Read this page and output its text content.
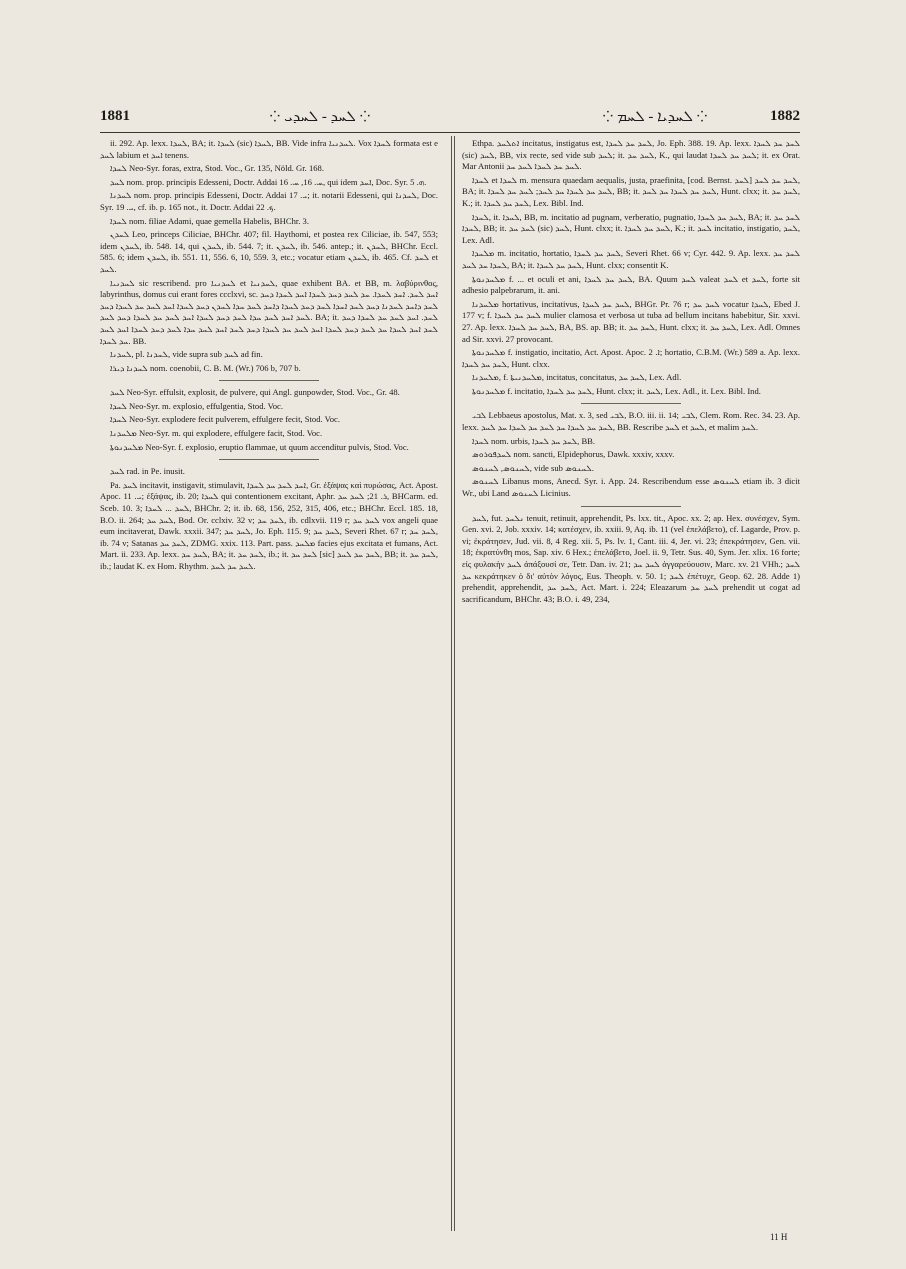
1881	⁘ ܠܚܕ - ܠܚܕܝ ⁘	⁘ ܠܚܕܝܐ - ܠܚܡ ⁘	1882

ii. 292. Ap. lexx. ܠܚܕܐ, BA; it. ܠܚܕܐ (sic) ܠܚܕܐ, BB. Vide infra ܠܚܕܢܝܐ. Vox ܠܚܕܐ formata est e ܠܚܕ labium et ܐܚܕ tenens.

ܠܚܕܐ Neo-Syr. foras, extra, Stod. Voc., Gr. 135, Nöld. Gr. 168.

ܠܚܕ nom. prop. principis Edesseni, Doctr. Addai ܚ. 16, ܚ. 16, qui idem ܐܚܕ, Doc. Syr. ܗ. 5.

ܠܚܕܢܐ nom. prop. principis Edesseni, Doctr. Addai ܝ. 17; it. notarii Edesseni, qui ܠܚܕܢܐ, Doc. Syr. ܝ. 19, cf. ib. p. 165 not., it. Doctr. Addai ܟ. 22.

ܠܚܕܐ nom. filiae Adami, quae gemella Habelis, BHChr. 3.

ܠܚܕܢ Leo, princeps Ciliciae, BHChr. 407; fil. Haythomi, et postea rex Ciliciae, ib. 547, 553; idem ܠܚܕܢ, ib. 548. 14, qui ܠܚܕܢ, ib. 544. 7; it. ܠܚܕܢ, ib. 546. antep.; it. ܠܚܕܢ, BHChr. Eccl. 585. 6; idem ܠܚܕܢ, ib. 551. 11, 556. 6, 10, 559. 3, etc.; vocatur etiam ܠܚܕܢ, ib. 465. Cf. ܠܚܕ et ܠܚܕ.

ܠܚܕܢܝܐ sic rescribend. pro ܠܚܕܢܝܐ et ܠܚܕܢܝܐ, quae exhibent BA. et BB, m. λαβύρινθος, labyrinthus, domus cui erant fores ccclxvi, sc. ܐܚܕ ܠܚܕ. ܐܚܕ ܠܚܕܐ. ܚܕ ܠܚܕ ܕܚܕ ܠܚܕܐ ܐܚܕ ܠܚܕܐ ܕܚܕ ܠܚܕ ܕܐܚܕ ܠܚܕܢܐ ܕܚܕ ܠܚܕ ܐܚܕܐ ܠܚܕ ܕܚܕ ܠܚܕܐ ܕܐܚܕ ܠܚܕ ܚܕܐ ܠܚܕܢ ܕܚܕ ܠܚܕܐ ܐܚܕ ܠܚܕ ܚܕ ܠܚܕܐ ܕܚܕ ܠܚܕ ܐܚܕ ܠܚܕ ܚܕܐ ܠܚܕ ܕܚܕ ܠܚܕܐ ܐܚܕ ܠܚܕ ܚܕ ܠܚܕܐ ܕܚܕ ܠܚܕ. BA; it. ܠܚܕ. ܐܚܕ ܠܚܕ ܚܕ ܠܚܕܐ ܕܚܕ ܠܚܕ ܐܚܕ ܠܚܕܐ ܚܕ ܠܚܕ ܕܚܕ ܠܚܕܐ ܐܚܕ ܠܚܕ ܚܕ ܠܚܕܐ ܕܚܕ ܠܚܕ ܐܚܕ ܠܚܕ ܚܕܐ ܠܚܕ ܕܚܕ ܠܚܕܐ ܐܚܕ ܠܚܕ ܚܕ ܠܚܕܐ. BB.

ܠܚܕܢܐ, pl. ܠܚܕܢܐ, vide supra sub ܠܚܕ ad fin.

ܠܚܕܢܐ ܕܝܪܐ nom. coenobii, C. B. M. (Wr.) 706 b, 707 b.

ܠܚܕ Neo-Syr. effulsit, explosit, de pulvere, qui Angl. gunpowder, Stod. Voc., Gr. 48.

ܠܚܕܐ Neo-Syr. m. explosio, effulgentia, Stod. Voc.

ܠܚܕܐ Neo-Syr. explodere fecit pulverem, effulgere fecit, Stod. Voc.

ܡܠܚܕܢܐ Neo-Syr. m. qui explodere, effulgere facit, Stod. Voc.

ܡܠܚܕܢܘܬܐ Neo-Syr. f. explosio, eruptio flammae, ut quum accenditur pulvis, Stod. Voc.

ܠܚܕ rad. in Pe. inusit.

Pa. ܠܚܕ incitavit, instigavit, stimulavit, ܐܚܕ ܠܚܕ ܚܕ ܠܚܕܐ, Gr. ἐξάψας καὶ πυρώσας, Act. Apost. Apoc. ܝ. 11; ἐξάψας, ib. 20; ܠܚܕܐ qui contentionem excitant, Aphr. ܪ. 21; ܠܚܕ ܚܕ, BHCarm. ed. Sceb. 10. 3; ܠܚܕ ... ܠܚܕܐ, BHChr. 2; it. ib. 68, 156, 252, 315, 406, etc.; BHChr. Eccl. 185. 18, B.O. ii. 264; ܠܚܕ ܚܕ, Bod. Or. cclxiv. 32 v; ܠܚܕ ܚܕ, ib. cdlxvii. 119 r; ܠܚܕ ܚܕ vox angeli quae eum incitaverat, Dawk. xxxii. 347; ܠܚܕ ܚܕ, Jo. Eph. 115. 9; ܠܚܕ ܚܕ, Severi Rhet. 67 r; ܠܚܕ ܚܕ, ib. 74 v; Satanas ܠܚܕ ܚܕ, ZDMG. xxix. 113. Part. pass. ܡܠܚܕ facies ejus excitata et fumans, Act. Mart. ii. 233. Ap. lexx. ܠܚܕ ܚܕ, BA; it. ܠܚܕ ܚܕ, ib.; it. ܠܚܕ ܚܕ [sic] ܠܚܕ ܚܕ ܠܚܕ, BB; it. ܠܚܕ ܚܕ, ib.; laudat K. ex Hom. Rhythm. ܠܚܕ ܚܕ ܠܚܕ.

Ethpa. ܐܬܠܚܕ incitatus, instigatus est, ܠܚܕ ܚܕ ܠܚܕܐ, Jo. Eph. 388. 19. Ap. lexx. ܠܚܕ ܚܕ ܠܚܕܐ (sic) ܠܚܕ, BB, vix recte, sed vide sub ܠܚܕ; it. ܠܚܕ ܚܕ, K., qui laudat ܠܚܕ ܚܕ ܠܚܕܐ; it. ex Orat. Mar Antonii ܠܚܕ ܚܕ ܠܚܕܐ ܠܚܕ ܚܕ.

ܠܚܕܐ et ܠܚܕܐ m. mensura quaedam aequalis, justa, praefinita, [cod. Bernst. ܠܚܕ] ܠܚܕ ܚܕ ܠܚܕ, BA; it. ܠܚܕ ܚܕ ܠܚܕܐ ܚܕ ܠܚܕ; ܠܚܕ ܚܕ ܠܚܕܐ, BB; it. ܠܚܕ ܚܕ ܠܚܕܐ ܚܕ ܠܚܕ, Hunt. clxx; it. ܠܚܕ ܚܕ, K.; it. ܠܚܕ ܚܕ ܠܚܕܐ, Lex. Bibl. Ind.

ܠܚܕܐ, it. ܠܚܕܐ, BB, m. incitatio ad pugnam, verberatio, pugnatio, ܠܚܕ ܚܕ ܠܚܕܐ, BA; it. ܠܚܕ ܚܕ ܠܚܕܐ, BB; it. ܠܚܕ ܚܕ (sic) ܠܚܕ, Hunt. clxx; it. ܠܚܕ ܚܕ ܠܚܕܐ, K.; it. ܠܚܕ incitatio, instigatio, ܠܚܕ, Lex. Adl.

ܡܠܚܕܐ m. incitatio, hortatio, ܠܚܕ ܚܕ ܠܚܕܐ, Severi Rhet. 66 v; Cyr. 442. 9. Ap. lexx. ܠܚܕ ܚܕ ܠܚܕܐ ܚܕ ܠܚܕ, BA; it. ܠܚܕ ܚܕ ܠܚܕܐ, Hunt. clxx; consentit K.

ܡܠܚܕܢܘܬܐ f. ... et oculi et ani, ܠܚܕ ܚܕ ܠܚܕܐ, BA. Quum ܠܚܕ valeat ܠܚܕ et ܠܚܕ, forte sit adhesio palpebrarum, it. ani.

ܡܠܚܕܢܐ hortativus, incitativus, ܠܚܕ ܚܕ ܠܚܕܐ, BHGr. Pr. 76 r; ܠܚܕ ܚܕ vocatur ܠܚܕܐ, Ebed J. 177 v; f. ܠܚܕ ܚܕ ܠܚܕܐ mulier clamosa et verbosa ut tuba ad bellum incitans habebitur, Sir. xxvi. 27. Ap. lexx. ܠܚܕ ܚܕ ܠܚܕܐ, BA, BS. ap. BB; it. ܠܚܕ ܚܕ, Hunt. clxx; it. ܠܚܕ ܚܕ, Lex. Adl. Omnes ad Sir. xxvi. 27 provocant.

ܡܠܚܕܢܘܬܐ f. instigatio, incitatio, Act. Apost. Apoc. ܐ. 2; hortatio, C.B.M. (Wr.) 589 a. Ap. lexx. ܠܚܕ ܚܕ ܠܚܕܐ, Hunt. clxx.

ܡܠܚܕܢܐ, f. ܡܠܚܕܢܝܬܐ, incitatus, concitatus, ܠܚܕ ܚܕ, Lex. Adl.

ܡܠܚܕܢܘܬܐ f. incitatio, ܠܚܕ ܚܕ ܠܚܕܐ, Hunt. clxx; it. ܠܚܕ, Lex. Adl., it. Lex. Bibl. Ind.

ܠܒܝ Lebbaeus apostolus, Mat. x. 3, sed ܠܒܝ, B.O. iii. ii. 14; ܠܒܝ, Clem. Rom. Rec. 34. 23. Ap. lexx. ܠܚܕ ܚܕ ܠܚܕܐ ܚܕ ܠܚܕ ܚܕ ܠܚܕܐ ܚܕ ܠܚܕ, BB. Rescribe ܠܚܕ et ܠܚܕ, et malim ܠܚܕ.

ܠܚܕܐ nom. urbis, ܠܚܕ ܚܕ ܠܚܕܐ, BB.

ܠܚܕܦܘܪܘܣ nom. sancti, Elpidephorus, Dawk. xxxiv, xxxv.

ܠܚܢܘܣ, ܠܚܢܘܣ, vide sub ܠܚܢܘܣ.

ܠܚܢܘܣ Libanus mons, Anecd. Syr. i. App. 24. Rescribendum esse ܠܚܢܘܣ etiam ib. 3 dicit Wr., ubi Land ܠܚܢܘܣ Licinius.

ܠܚܕ, fut. ܢܠܚܕ tenuit, retinuit, apprehendit, Ps. lxx. tit., Apoc. xx. 2; ap. Hex. συνέσχεν, Sym. Gen. xvi. 2, Job. xxxiv. 14; κατέσχεν, ib. xxiii. 9, Aq. ib. 11 (vel ἐπελάβετο), cf. Lagarde, Prov. p. vi; ἐκράτησεν, Jud. vii. 8, 4 Reg. xii. 5, Ps. lv. 1, Cant. iii. 4, Jer. vi. 23; ἐπεκράτησεν, Gen. vii. 18; ἐκρατύνθη mos, Sap. xiv. 6 Hex.; ἐπελάβετο, Joel. ii. 9, Tetr. Sus. 40, Sym. Jer. xlix. 16 forte; εἰς φυλακὴν ܠܚܕ ἀπάξουσί σε, Tetr. Dan. iv. 21; ܠܚܕ ܚܕ ἀγγαρεύουσιν, Marc. xv. 21 VHh.; ܠܚܕ ܚܕ κεκράτηκεν ὁ δι' αὐτὸν λόγος, Eus. Theoph. v. 50. 1; ܠܚܕ ἐπέτυχε, Geop. 62. 28. Adde 1) prehendit, apprehendit, ܠܚܕ ܚܕ, Act. Mart. i. 224; Eleazarum ܠܚܕ ܚܕ prehendit ut cogat ad sacrificandum, BHChr. 43; B.O. i. 49, 234,

11 H
